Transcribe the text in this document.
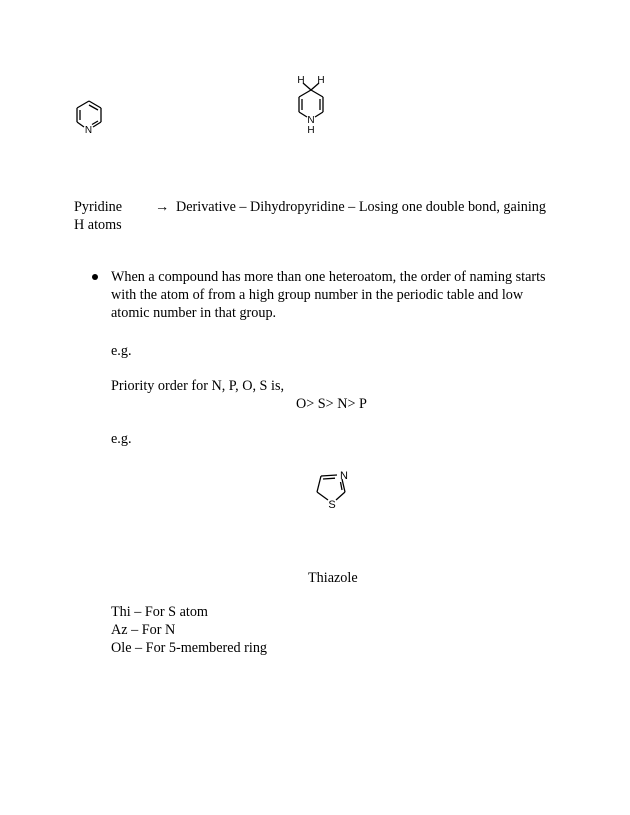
N
H H
N
H
Pyridine → Derivative – Dihydropyridine – Losing one double bond, gaining
H atoms
When a compound has more than one heteroatom, the order of naming starts
with the atom of from a high group number in the periodic table and low
atomic number in that group.
e.g.
Priority order for N, P, O, S is,
O> S> N> P
e.g.
N
S
Thiazole
Thi – For S atom
Az – For N
Ole – For 5-membered ring
